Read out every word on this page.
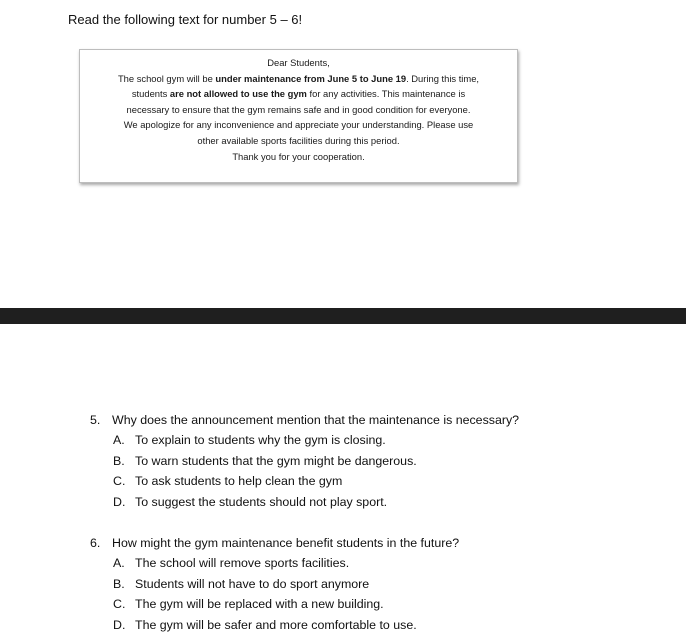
Read the following text for number 5 – 6!
Dear Students,
The school gym will be under maintenance from June 5 to June 19. During this time,
students are not allowed to use the gym for any activities. This maintenance is
necessary to ensure that the gym remains safe and in good condition for everyone.
We apologize for any inconvenience and appreciate your understanding. Please use
other available sports facilities during this period.
Thank you for your cooperation.
5. Why does the announcement mention that the maintenance is necessary?
A. To explain to students why the gym is closing.
B. To warn students that the gym might be dangerous.
C. To ask students to help clean the gym
D. To suggest the students should not play sport.
6. How might the gym maintenance benefit students in the future?
A. The school will remove sports facilities.
B. Students will not have to do sport anymore
C. The gym will be replaced with a new building.
D. The gym will be safer and more comfortable to use.
